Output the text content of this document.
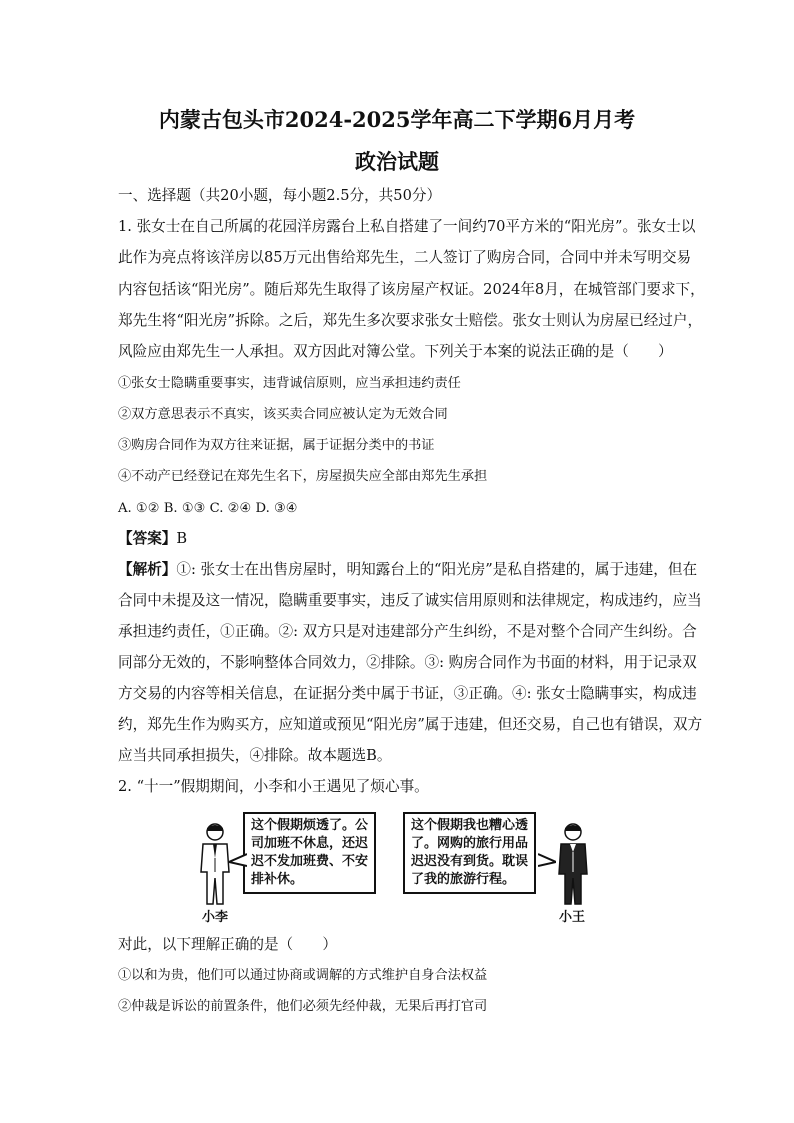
内蒙古包头市2024-2025学年高二下学期6月月考
政治试题
一、选择题（共20小题，每小题2.5分，共50分）
1. 张女士在自己所属的花园洋房露台上私自搭建了一间约70平方米的“阳光房”。张女士以
此作为亮点将该洋房以85万元出售给郑先生，二人签订了购房合同，合同中并未写明交易
内容包括该“阳光房”。随后郑先生取得了该房屋产权证。2024年8月，在城管部门要求下，
郑先生将“阳光房”拆除。之后，郑先生多次要求张女士赔偿。张女士则认为房屋已经过户，
风险应由郑先生一人承担。双方因此对簿公堂。下列关于本案的说法正确的是（　　）
①张女士隐瞒重要事实，违背诚信原则，应当承担违约责任
②双方意思表示不真实，该买卖合同应被认定为无效合同
③购房合同作为双方往来证据，属于证据分类中的书证
④不动产已经登记在郑先生名下，房屋损失应全部由郑先生承担
A. ①② B. ①③ C. ②④ D. ③④
【答案】B
【解析】①: 张女士在出售房屋时，明知露台上的“阳光房”是私自搭建的，属于违建，但在
合同中未提及这一情况，隐瞒重要事实，违反了诚实信用原则和法律规定，构成违约，应当
承担违约责任，①正确。②: 双方只是对违建部分产生纠纷，不是对整个合同产生纠纷。合
同部分无效的，不影响整体合同效力，②排除。③: 购房合同作为书面的材料，用于记录双
方交易的内容等相关信息，在证据分类中属于书证，③正确。④: 张女士隐瞒事实，构成违
约，郑先生作为购买方，应知道或预见“阳光房”属于违建，但还交易，自己也有错误，双方
应当共同承担损失，④排除。故本题选B。
2. “十一”假期期间，小李和小王遇见了烦心事。
小李
这个假期烦透了。公
司加班不休息，还迟
迟不发加班费、不安
排补休。
这个假期我也糟心透
了。网购的旅行用品
迟迟没有到货。耽误
了我的旅游行程。
小王
对此，以下理解正确的是（　　）
①以和为贵，他们可以通过协商或调解的方式维护自身合法权益
②仲裁是诉讼的前置条件，他们必须先经仲裁，无果后再打官司
